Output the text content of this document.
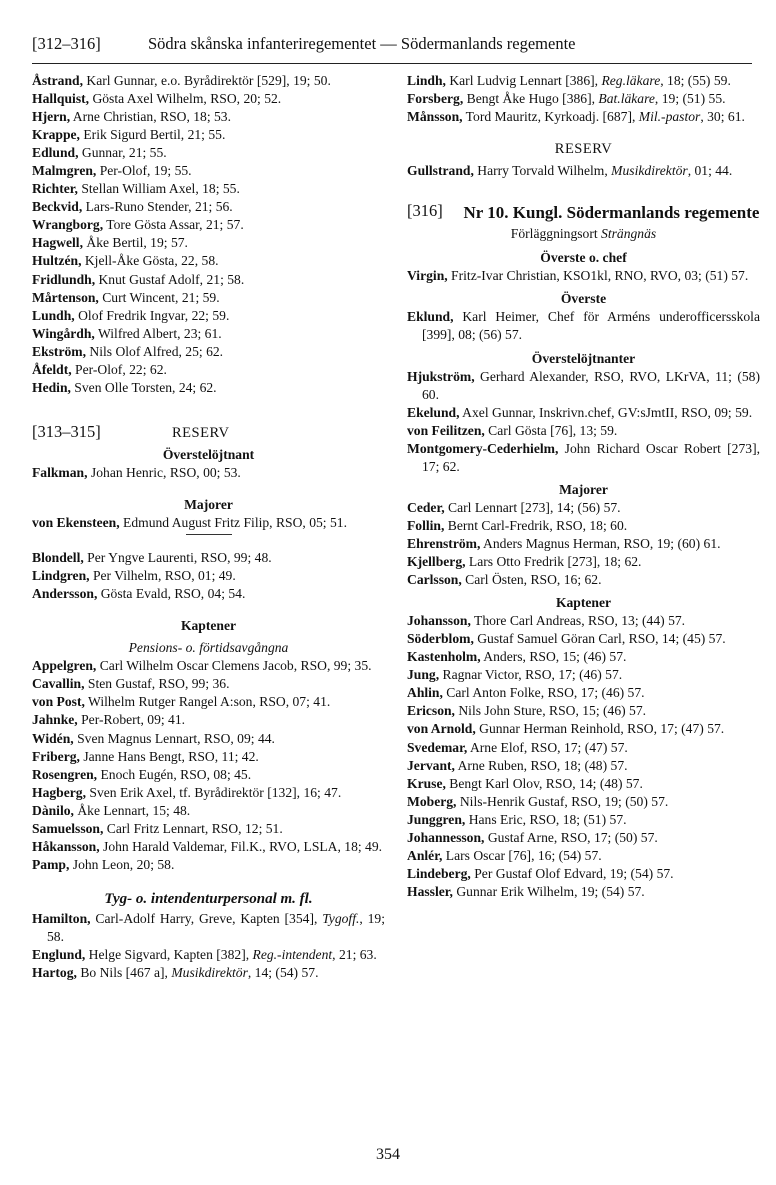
[312–316]	Södra skånska infanteriregementet — Södermanlands regemente
Åstrand, Karl Gunnar, e.o. Byrådirektör [529], 19; 50.
Hallquist, Gösta Axel Wilhelm, RSO, 20; 52.
Hjern, Arne Christian, RSO, 18; 53.
Krappe, Erik Sigurd Bertil, 21; 55.
Edlund, Gunnar, 21; 55.
Malmgren, Per-Olof, 19; 55.
Richter, Stellan William Axel, 18; 55.
Beckvid, Lars-Runo Stender, 21; 56.
Wrangborg, Tore Gösta Assar, 21; 57.
Hagwell, Åke Bertil, 19; 57.
Hultzén, Kjell-Åke Gösta, 22, 58.
Fridlundh, Knut Gustaf Adolf, 21; 58.
Mårtenson, Curt Wincent, 21; 59.
Lundh, Olof Fredrik Ingvar, 22; 59.
Wingårdh, Wilfred Albert, 23; 61.
Ekström, Nils Olof Alfred, 25; 62.
Åfeldt, Per-Olof, 22; 62.
Hedin, Sven Olle Torsten, 24; 62.
[313–315]	RESERV
Överstelöjtnant
Falkman, Johan Henric, RSO, 00; 53.
Majorer
von Ekensteen, Edmund August Fritz Filip, RSO, 05; 51.
Blondell, Per Yngve Laurenti, RSO, 99; 48.
Lindgren, Per Vilhelm, RSO, 01; 49.
Andersson, Gösta Evald, RSO, 04; 54.
Kaptener
Pensions- o. förtidsavgångna
Appelgren, Carl Wilhelm Oscar Clemens Jacob, RSO, 99; 35.
Cavallin, Sten Gustaf, RSO, 99; 36.
von Post, Wilhelm Rutger Rangel A:son, RSO, 07; 41.
Jahnke, Per-Robert, 09; 41.
Widén, Sven Magnus Lennart, RSO, 09; 44.
Friberg, Janne Hans Bengt, RSO, 11; 42.
Rosengren, Enoch Eugén, RSO, 08; 45.
Hagberg, Sven Erik Axel, tf. Byrådirektör [132], 16; 47.
Dànilo, Åke Lennart, 15; 48.
Samuelsson, Carl Fritz Lennart, RSO, 12; 51.
Håkansson, John Harald Valdemar, Fil.K., RVO, LSLA, 18; 49.
Pamp, John Leon, 20; 58.
Tyg- o. intendenturpersonal m. fl.
Hamilton, Carl-Adolf Harry, Greve, Kapten [354], Tygoff., 19; 58.
Englund, Helge Sigvard, Kapten [382], Reg.-intendent, 21; 63.
Hartog, Bo Nils [467 a], Musikdirektör, 14; (54) 57.
Lindh, Karl Ludvig Lennart [386], Reg.läkare, 18; (55) 59.
Forsberg, Bengt Åke Hugo [386], Bat.läkare, 19; (51) 55.
Månsson, Tord Mauritz, Kyrkoadj. [687], Mil.-pastor, 30; 61.
RESERV
Gullstrand, Harry Torvald Wilhelm, Musikdirektör, 01; 44.
[316]	Nr 10. Kungl. Södermanlands regemente
Förläggningsort Strängnäs
Överste o. chef
Virgin, Fritz-Ivar Christian, KSO1kl, RNO, RVO, 03; (51) 57.
Överste
Eklund, Karl Heimer, Chef för Arméns underofficersskola [399], 08; (56) 57.
Överstelöjtnanter
Hjukström, Gerhard Alexander, RSO, RVO, LKrVA, 11; (58) 60.
Ekelund, Axel Gunnar, Inskrivn.chef, GV:sJmtII, RSO, 09; 59.
von Feilitzen, Carl Gösta [76], 13; 59.
Montgomery-Cederhielm, John Richard Oscar Robert [273], 17; 62.
Majorer
Ceder, Carl Lennart [273], 14; (56) 57.
Follin, Bernt Carl-Fredrik, RSO, 18; 60.
Ehrenström, Anders Magnus Herman, RSO, 19; (60) 61.
Kjellberg, Lars Otto Fredrik [273], 18; 62.
Carlsson, Carl Östen, RSO, 16; 62.
Kaptener
Johansson, Thore Carl Andreas, RSO, 13; (44) 57.
Söderblom, Gustaf Samuel Göran Carl, RSO, 14; (45) 57.
Kastenholm, Anders, RSO, 15; (46) 57.
Jung, Ragnar Victor, RSO, 17; (46) 57.
Ahlin, Carl Anton Folke, RSO, 17; (46) 57.
Ericson, Nils John Sture, RSO, 15; (46) 57.
von Arnold, Gunnar Herman Reinhold, RSO, 17; (47) 57.
Svedemar, Arne Elof, RSO, 17; (47) 57.
Jervant, Arne Ruben, RSO, 18; (48) 57.
Kruse, Bengt Karl Olov, RSO, 14; (48) 57.
Moberg, Nils-Henrik Gustaf, RSO, 19; (50) 57.
Junggren, Hans Eric, RSO, 18; (51) 57.
Johannesson, Gustaf Arne, RSO, 17; (50) 57.
Anlér, Lars Oscar [76], 16; (54) 57.
Lindeberg, Per Gustaf Olof Edvard, 19; (54) 57.
Hassler, Gunnar Erik Wilhelm, 19; (54) 57.
354
